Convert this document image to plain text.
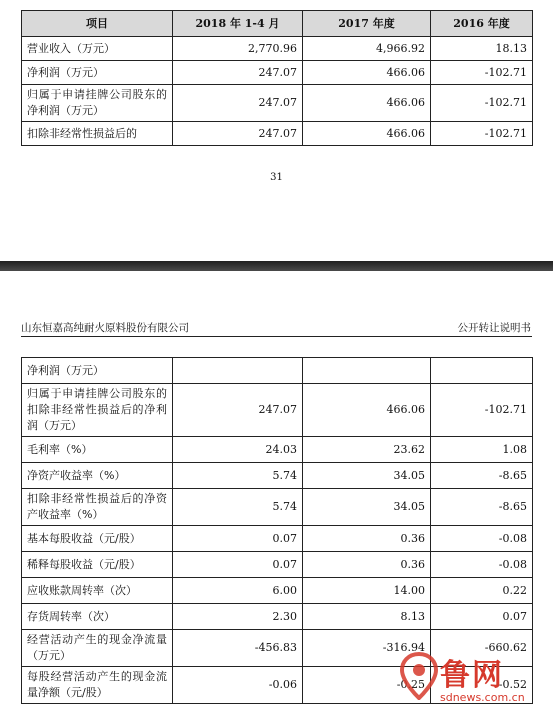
项目	2018 年 1-4 月	2017 年度	2016 年度
营业收入（万元）	2,770.96	4,966.92	18.13
净利润（万元）	247.07	466.06	-102.71
归属于申请挂牌公司股东的净利润（万元）	247.07	466.06	-102.71
扣除非经常性损益后的	247.07	466.06	-102.71
31
山东恒嘉高纯耐火原料股份有限公司	公开转让说明书
净利润（万元）			
归属于申请挂牌公司股东的扣除非经常性损益后的净利润（万元）	247.07	466.06	-102.71
毛利率（%）	24.03	23.62	1.08
净资产收益率（%）	5.74	34.05	-8.65
扣除非经常性损益后的净资产收益率（%）	5.74	34.05	-8.65
基本每股收益（元/股）	0.07	0.36	-0.08
稀释每股收益（元/股）	0.07	0.36	-0.08
应收账款周转率（次）	6.00	14.00	0.22
存货周转率（次）	2.30	8.13	0.07
经营活动产生的现金净流量（万元）	-456.83	-316.94	-660.62
每股经营活动产生的现金流量净额（元/股）	-0.06	-0.25	-0.52
鲁网
sdnews.com.cn
